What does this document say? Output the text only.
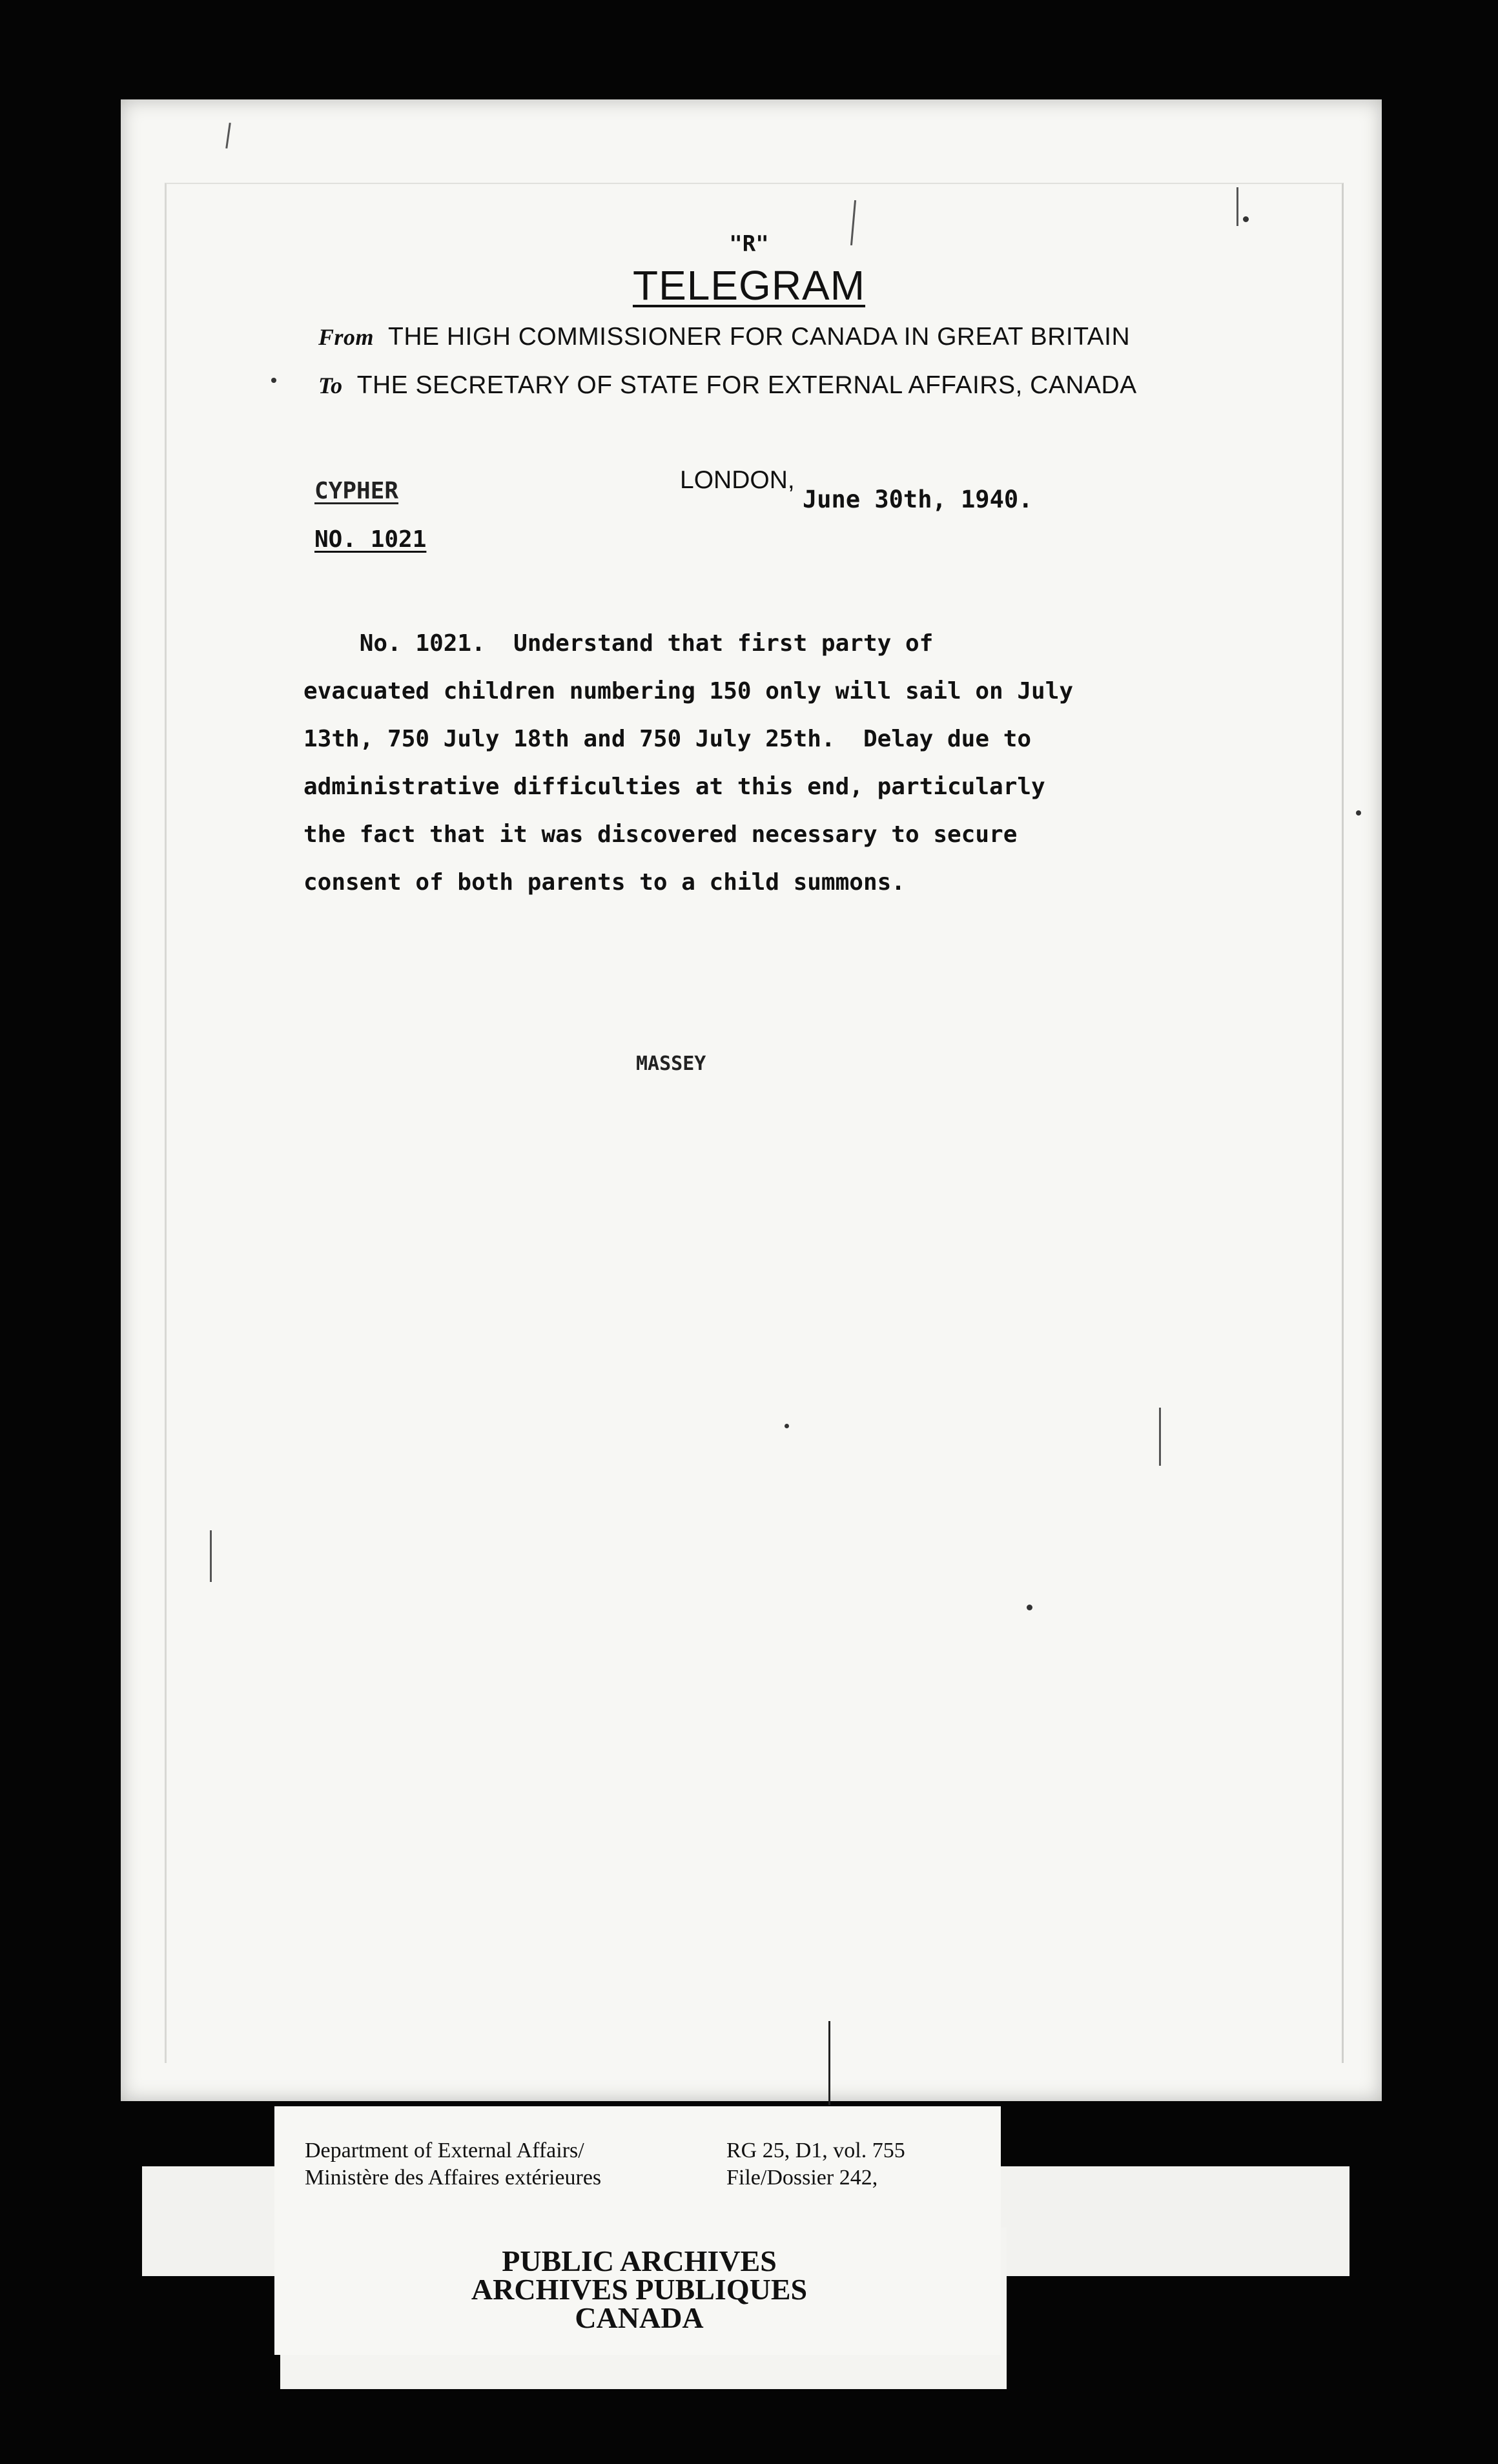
"R"
TELEGRAM
From THE HIGH COMMISSIONER FOR CANADA IN GREAT BRITAIN
To THE SECRETARY OF STATE FOR EXTERNAL AFFAIRS, CANADA
CYPHER
NO. 1021
LONDON,
June 30th, 1940.
No. 1021.  Understand that first party of
evacuated children numbering 150 only will sail on July
13th, 750 July 18th and 750 July 25th.  Delay due to
administrative difficulties at this end, particularly
the fact that it was discovered necessary to secure
consent of both parents to a child summons.
MASSEY
Department of External Affairs/
Ministère des Affaires extérieures
RG 25, D1, vol. 755
File/Dossier 242,
PUBLIC ARCHIVES
ARCHIVES PUBLIQUES
CANADA
